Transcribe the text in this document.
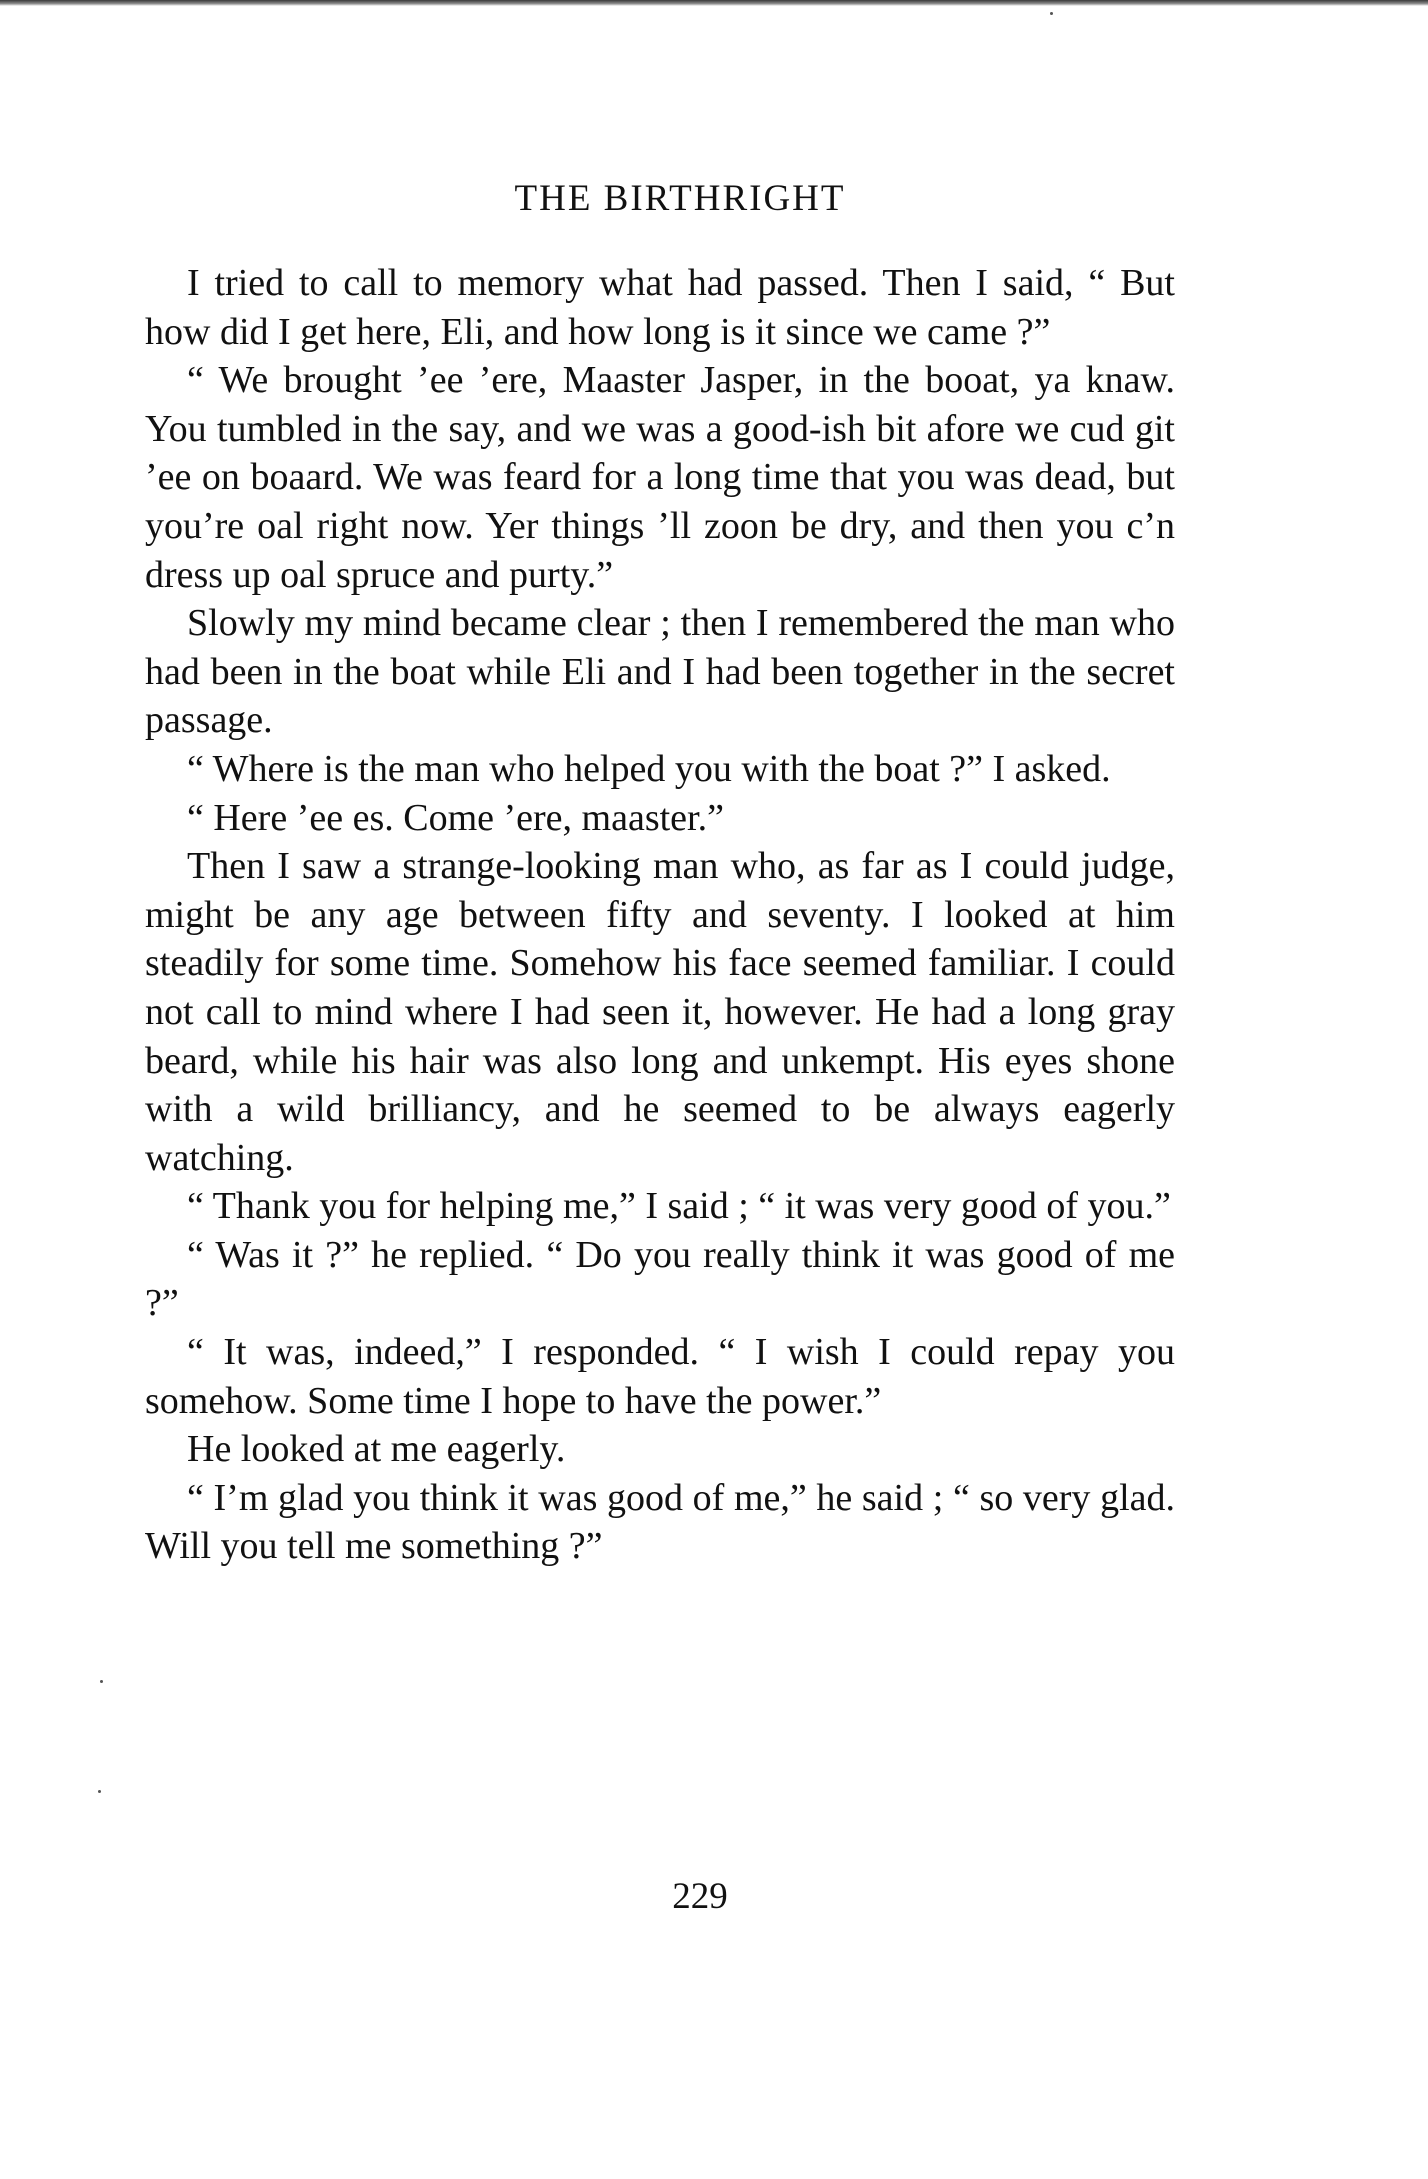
THE BIRTHRIGHT

I tried to call to memory what had passed. Then I said, “ But how did I get here, Eli, and how long is it since we came ?”

“ We brought ’ee ’ere, Maaster Jasper, in the booat, ya knaw. You tumbled in the say, and we was a good-ish bit afore we cud git ’ee on boaard. We was feard for a long time that you was dead, but you’re oal right now. Yer things ’ll zoon be dry, and then you c’n dress up oal spruce and purty.”

Slowly my mind became clear ; then I remembered the man who had been in the boat while Eli and I had been together in the secret passage.

“ Where is the man who helped you with the boat ?” I asked.

“ Here ’ee es. Come ’ere, maaster.”

Then I saw a strange-looking man who, as far as I could judge, might be any age between fifty and seventy. I looked at him steadily for some time. Somehow his face seemed familiar. I could not call to mind where I had seen it, however. He had a long gray beard, while his hair was also long and unkempt. His eyes shone with a wild brilliancy, and he seemed to be always eagerly watching.

“ Thank you for helping me,” I said ; “ it was very good of you.”

“ Was it ?” he replied. “ Do you really think it was good of me ?”

“ It was, indeed,” I responded. “ I wish I could repay you somehow. Some time I hope to have the power.”

He looked at me eagerly.

“ I’m glad you think it was good of me,” he said ; “ so very glad. Will you tell me something ?”

229
